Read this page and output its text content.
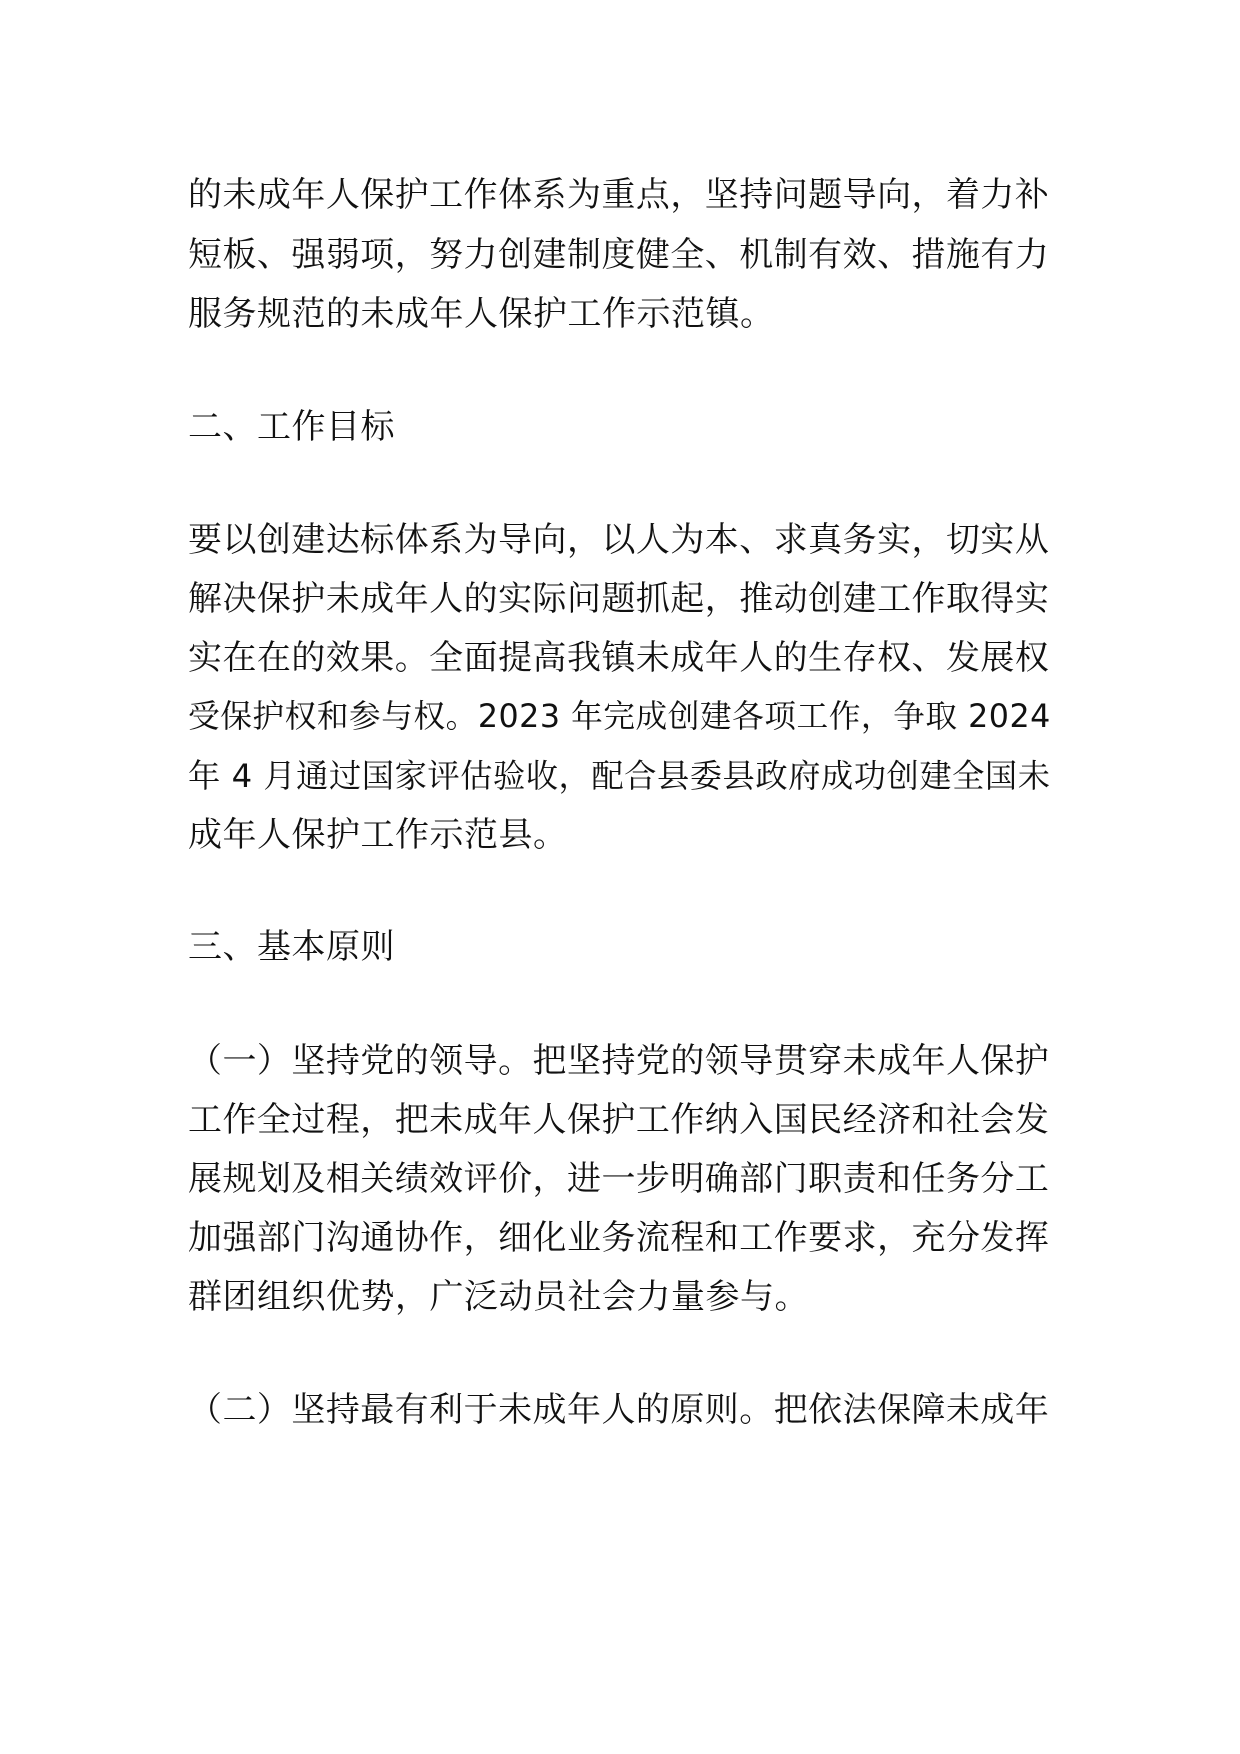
的未成年人保护工作体系为重点，坚持问题导向，着力补
短板、强弱项，努力创建制度健全、机制有效、措施有力
服务规范的未成年人保护工作示范镇。
二、工作目标
要以创建达标体系为导向，以人为本、求真务实，切实从
解决保护未成年人的实际问题抓起，推动创建工作取得实
实在在的效果。全面提高我镇未成年人的生存权、发展权
受保护权和参与权。2023 年完成创建各项工作，争取 2024
年 4 月通过国家评估验收，配合县委县政府成功创建全国未
成年人保护工作示范县。
三、基本原则
（一）坚持党的领导。把坚持党的领导贯穿未成年人保护
工作全过程，把未成年人保护工作纳入国民经济和社会发
展规划及相关绩效评价，进一步明确部门职责和任务分工
加强部门沟通协作，细化业务流程和工作要求，充分发挥
群团组织优势，广泛动员社会力量参与。
（二）坚持最有利于未成年人的原则。把依法保障未成年
